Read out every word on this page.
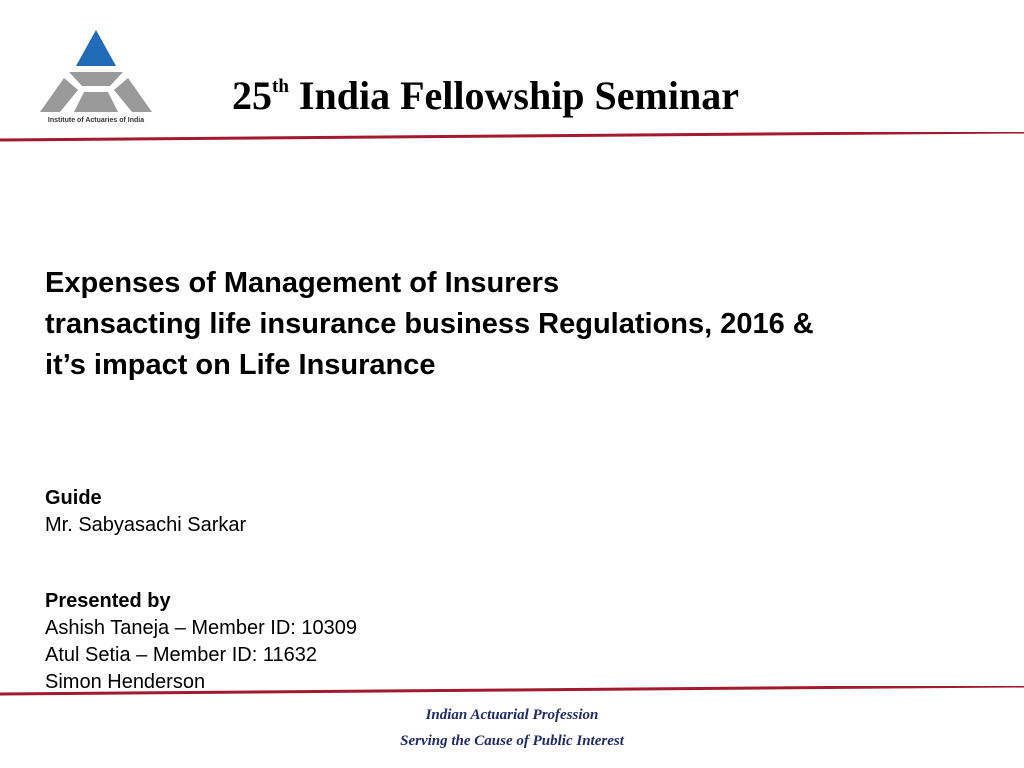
Institute of Actuaries of India
25th India Fellowship Seminar
Expenses of Management of Insurers
transacting life insurance business Regulations, 2016 &
it’s impact on Life Insurance
Guide
Mr. Sabyasachi Sarkar
Presented by
Ashish Taneja – Member ID: 10309
Atul Setia – Member ID: 11632
Simon Henderson
Indian Actuarial Profession
Serving the Cause of Public Interest
